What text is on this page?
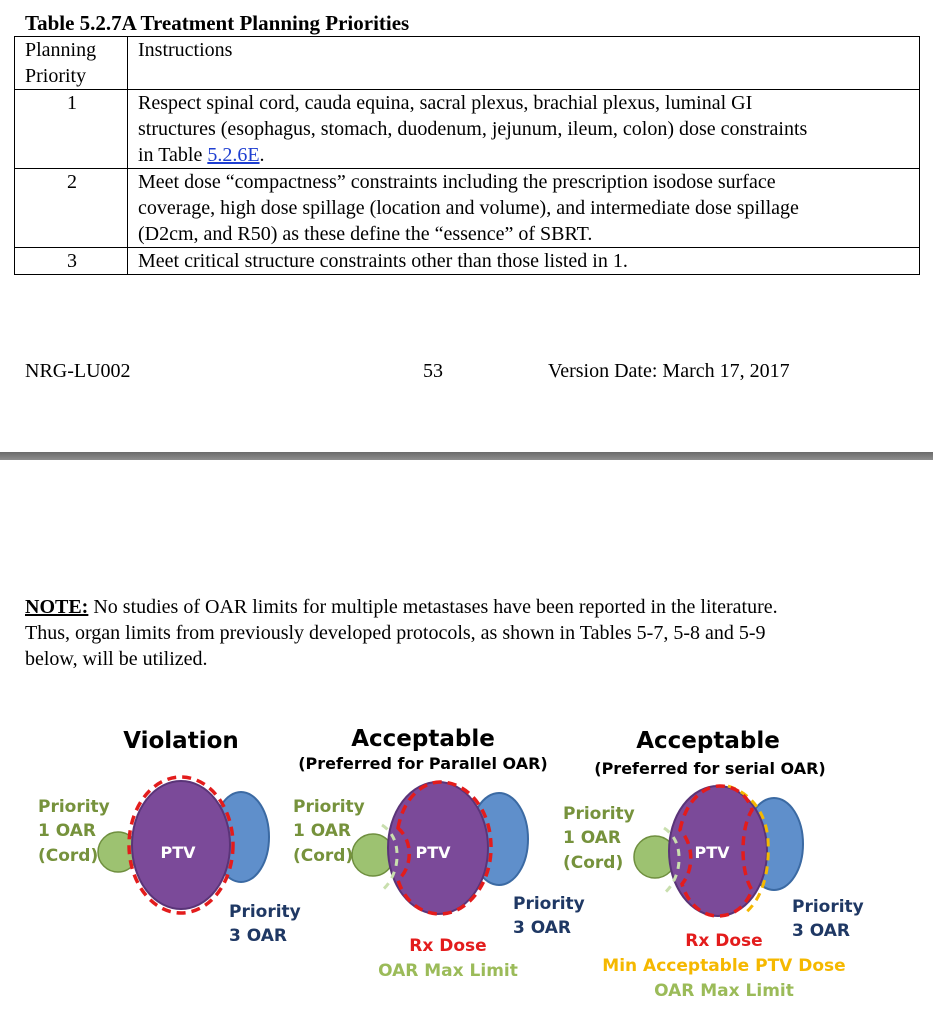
Table 5.2.7A Treatment Planning Priorities
Planning
Priority	Instructions
1	Respect spinal cord, cauda equina, sacral plexus, brachial plexus, luminal GI
structures (esophagus, stomach, duodenum, jejunum, ileum, colon) dose constraints
in Table 5.2.6E.
2	Meet dose “compactness” constraints including the prescription isodose surface
coverage, high dose spillage (location and volume), and intermediate dose spillage
(D2cm, and R50) as these define the “essence” of SBRT.
3	Meet critical structure constraints other than those listed in 1.
NRG-LU002	53	Version Date: March 17, 2017
NOTE: No studies of OAR limits for multiple metastases have been reported in the literature.
Thus, organ limits from previously developed protocols, as shown in Tables 5-7, 5-8 and 5-9
below, will be utilized.
Violation
PTV
Priority
1 OAR
(Cord)
Priority
3 OAR
Acceptable
(Preferred for Parallel OAR)
PTV
Priority
1 OAR
(Cord)
Priority
3 OAR
Rx Dose
OAR Max Limit
Acceptable
(Preferred for serial OAR)
PTV
Priority
1 OAR
(Cord)
Priority
3 OAR
Rx Dose
Min Acceptable PTV Dose
OAR Max Limit
